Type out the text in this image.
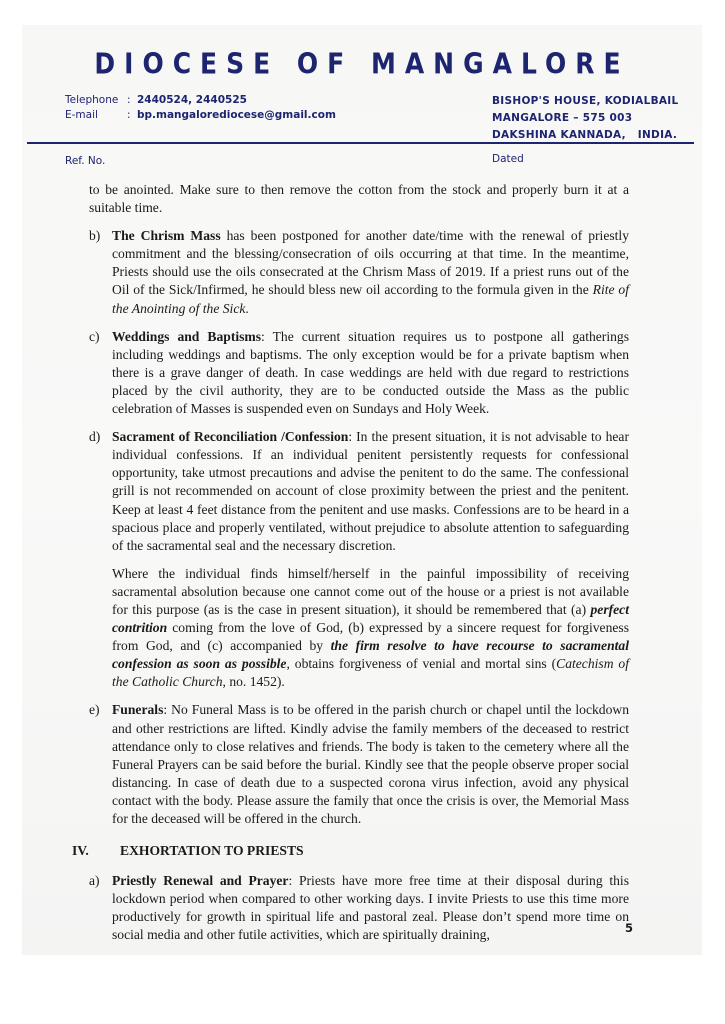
DIOCESE OF MANGALORE
Telephone : 2440524, 2440525
E-mail	: bp.mangalorediocese@gmail.com
BISHOP'S HOUSE, KODIALBAIL
MANGALORE – 575 003
DAKSHINA KANNADA,   INDIA.
Ref. No.	Dated
to be anointed. Make sure to then remove the cotton from the stock and properly burn it at a suitable time.
b) The Chrism Mass has been postponed for another date/time with the renewal of priestly commitment and the blessing/consecration of oils occurring at that time. In the meantime, Priests should use the oils consecrated at the Chrism Mass of 2019. If a priest runs out of the Oil of the Sick/Infirmed, he should bless new oil according to the formula given in the Rite of the Anointing of the Sick.
c) Weddings and Baptisms: The current situation requires us to postpone all gatherings including weddings and baptisms. The only exception would be for a private baptism when there is a grave danger of death. In case weddings are held with due regard to restrictions placed by the civil authority, they are to be conducted outside the Mass as the public celebration of Masses is suspended even on Sundays and Holy Week.
d) Sacrament of Reconciliation /Confession: In the present situation, it is not advisable to hear individual confessions. If an individual penitent persistently requests for confessional opportunity, take utmost precautions and advise the penitent to do the same. The confessional grill is not recommended on account of close proximity between the priest and the penitent. Keep at least 4 feet distance from the penitent and use masks. Confessions are to be heard in a spacious place and properly ventilated, without prejudice to absolute attention to safeguarding of the sacramental seal and the necessary discretion.
Where the individual finds himself/herself in the painful impossibility of receiving sacramental absolution because one cannot come out of the house or a priest is not available for this purpose (as is the case in present situation), it should be remembered that (a) perfect contrition coming from the love of God, (b) expressed by a sincere request for forgiveness from God, and (c) accompanied by the firm resolve to have recourse to sacramental confession as soon as possible, obtains forgiveness of venial and mortal sins (Catechism of the Catholic Church, no. 1452).
e) Funerals: No Funeral Mass is to be offered in the parish church or chapel until the lockdown and other restrictions are lifted. Kindly advise the family members of the deceased to restrict attendance only to close relatives and friends. The body is taken to the cemetery where all the Funeral Prayers can be said before the burial. Kindly see that the people observe proper social distancing. In case of death due to a suspected corona virus infection, avoid any physical contact with the body. Please assure the family that once the crisis is over, the Memorial Mass for the deceased will be offered in the church.
IV.	EXHORTATION TO PRIESTS
a) Priestly Renewal and Prayer: Priests have more free time at their disposal during this lockdown period when compared to other working days. I invite Priests to use this time more productively for growth in spiritual life and pastoral zeal. Please don’t spend more time on social media and other futile activities, which are spiritually draining,	5
